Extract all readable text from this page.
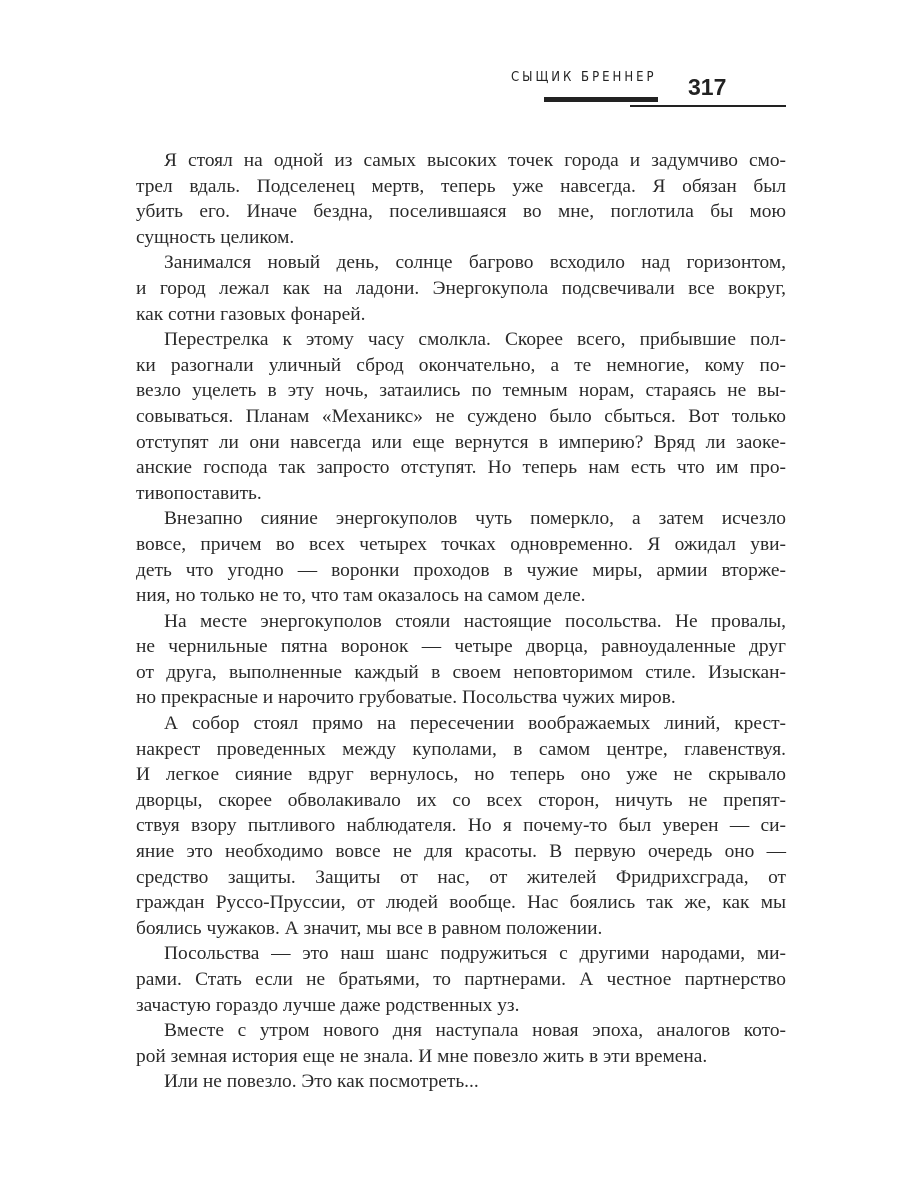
СЫЩИК БРЕННЕР 317
Я стоял на одной из самых высоких точек города и задумчиво смо-
трел вдаль. Подселенец мертв, теперь уже навсегда. Я обязан был
убить его. Иначе бездна, поселившаяся во мне, поглотила бы мою
сущность целиком.
Занимался новый день, солнце багрово всходило над горизонтом,
и город лежал как на ладони. Энергокупола подсвечивали все вокруг,
как сотни газовых фонарей.
Перестрелка к этому часу смолкла. Скорее всего, прибывшие пол-
ки разогнали уличный сброд окончательно, а те немногие, кому по-
везло уцелеть в эту ночь, затаились по темным норам, стараясь не вы-
совываться. Планам «Механикс» не суждено было сбыться. Вот только
отступят ли они навсегда или еще вернутся в империю? Вряд ли заоке-
анские господа так запросто отступят. Но теперь нам есть что им про-
тивопоставить.
Внезапно сияние энергокуполов чуть померкло, а затем исчезло
вовсе, причем во всех четырех точках одновременно. Я ожидал уви-
деть что угодно — воронки проходов в чужие миры, армии вторже-
ния, но только не то, что там оказалось на самом деле.
На месте энергокуполов стояли настоящие посольства. Не провалы,
не чернильные пятна воронок — четыре дворца, равноудаленные друг
от друга, выполненные каждый в своем неповторимом стиле. Изыскан-
но прекрасные и нарочито грубоватые. Посольства чужих миров.
А собор стоял прямо на пересечении воображаемых линий, крест-
накрест проведенных между куполами, в самом центре, главенствуя.
И легкое сияние вдруг вернулось, но теперь оно уже не скрывало
дворцы, скорее обволакивало их со всех сторон, ничуть не препят-
ствуя взору пытливого наблюдателя. Но я почему-то был уверен — си-
яние это необходимо вовсе не для красоты. В первую очередь оно —
средство защиты. Защиты от нас, от жителей Фридрихсграда, от
граждан Руссо-Пруссии, от людей вообще. Нас боялись так же, как мы
боялись чужаков. А значит, мы все в равном положении.
Посольства — это наш шанс подружиться с другими народами, ми-
рами. Стать если не братьями, то партнерами. А честное партнерство
зачастую гораздо лучше даже родственных уз.
Вместе с утром нового дня наступала новая эпоха, аналогов кото-
рой земная история еще не знала. И мне повезло жить в эти времена.
Или не повезло. Это как посмотреть...
